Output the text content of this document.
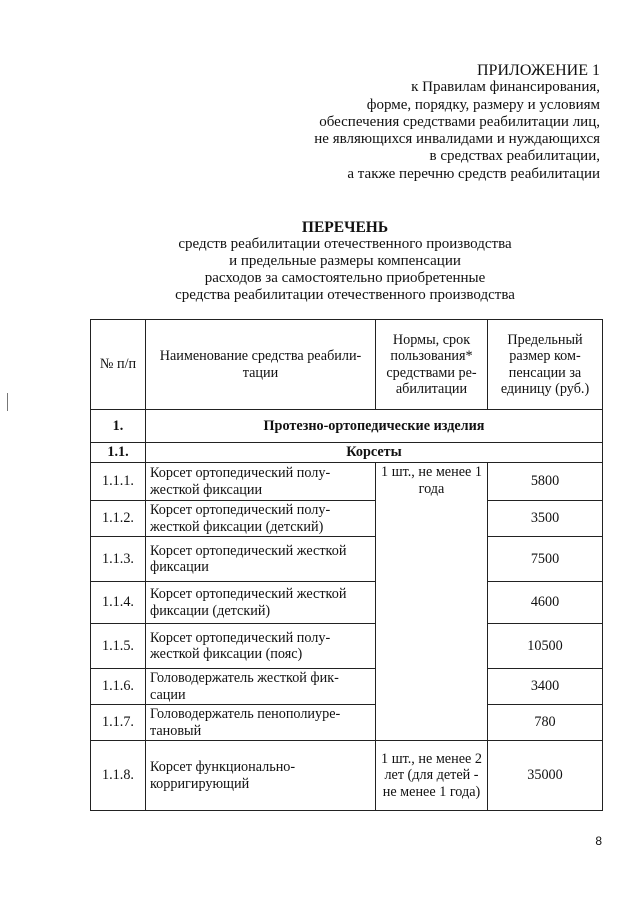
ПРИЛОЖЕНИЕ 1
к Правилам финансирования,
форме, порядку, размеру и условиям
обеспечения средствами реабилитации лиц,
не являющихся инвалидами и нуждающихся
в средствах реабилитации,
а также перечню средств реабилитации
ПЕРЕЧЕНЬ
средств реабилитации отечественного производства
и предельные размеры компенсации
расходов за самостоятельно приобретенные
средства реабилитации отечественного производства
№ п/п	Наименование средства реабили-тации	Нормы, срок пользования* средствами ре-абилитации	Предельный размер ком-пенсации за единицу (руб.)
1.	Протезно-ортопедические изделия		
1.1.	Корсеты		
1.1.1.	Корсет ортопедический полу-жесткой фиксации	1 шт., не менее 1 года	5800
1.1.2.	Корсет ортопедический полу-жесткой фиксации (детский)		3500
1.1.3.	Корсет ортопедический жесткой фиксации		7500
1.1.4.	Корсет ортопедический жесткой фиксации (детский)		4600
1.1.5.	Корсет ортопедический полу-жесткой фиксации (пояс)		10500
1.1.6.	Головодержатель жесткой фик-сации		3400
1.1.7.	Головодержатель пенополиуре-тановый		780
1.1.8.	Корсет функционально-корригирующий	1 шт., не менее 2 лет (для детей - не менее 1 года)	35000
8
